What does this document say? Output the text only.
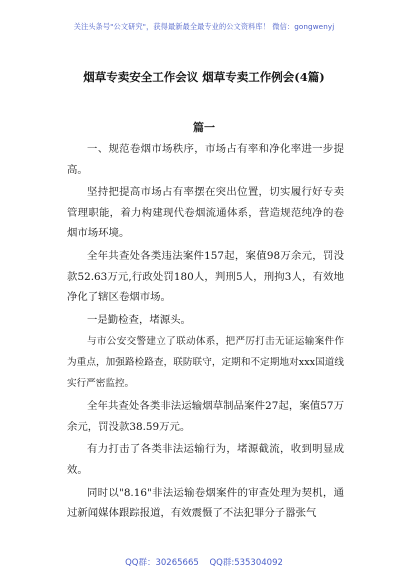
关注头条号"公文研究"，获得最新最全最专业的公文资料库！ 微信：gongwenyj
烟草专卖安全工作会议 烟草专卖工作例会(4篇)
篇一

一、规范卷烟市场秩序，市场占有率和净化率进一步提高。

坚持把提高市场占有率摆在突出位置，切实履行好专卖管理职能，着力构建现代卷烟流通体系，营造规范纯净的卷烟市场环境。

全年共查处各类违法案件157起，案值98万余元，罚没款52.63万元,行政处罚180人，判刑5人，刑拘3人，有效地净化了辖区卷烟市场。

一是勤检查，堵源头。

与市公安交警建立了联动体系，把严厉打击无证运输案件作为重点，加强路检路查，联防联守，定期和不定期地对xxx国道线实行严密监控。

全年共查处各类非法运输烟草制品案件27起，案值57万余元，罚没款38.59万元。

有力打击了各类非法运输行为，堵源截流，收到明显成效。

同时以"8.16"非法运输卷烟案件的审查处理为契机，通过新闻媒体跟踪报道，有效震慑了不法犯罪分子嚣张气

QQ群：30265665 QQ群:535304092
